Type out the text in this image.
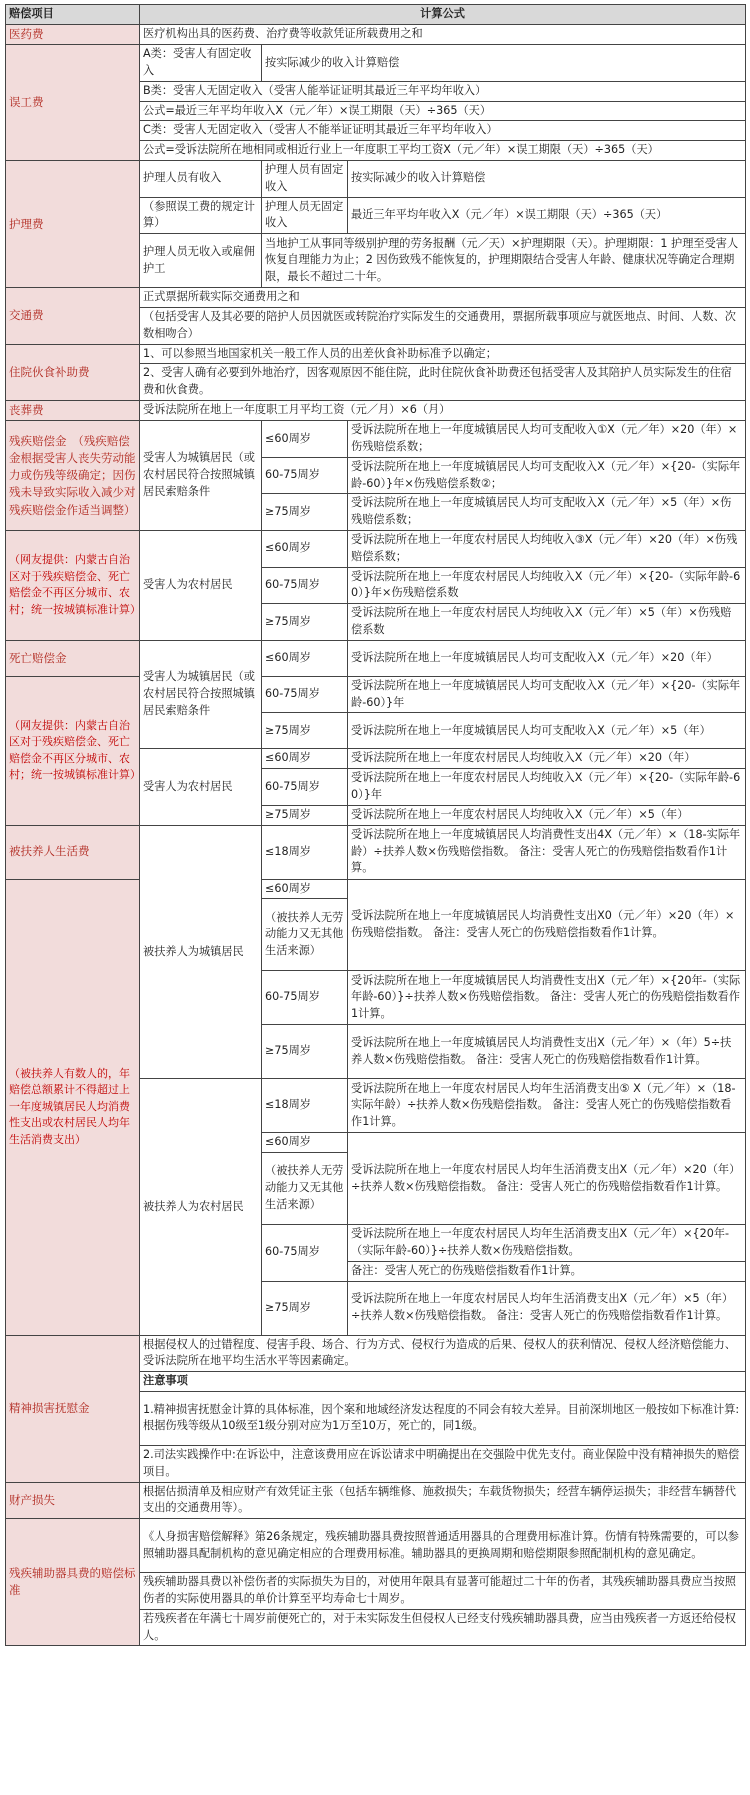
赔偿项目	计算公式		
医药费	医疗机构出具的医药费、治疗费等收款凭证所载费用之和		
误工费	A类：受害人有固定收入	按实际减少的收入计算赔偿	
	B类：受害人无固定收入（受害人能举证证明其最近三年平均年收入）		
	公式=最近三年平均年收入X（元／年）×误工期限（天）÷365（天）		
	C类：受害人无固定收入（受害人不能举证证明其最近三年平均年收入）		
	公式=受诉法院所在地相同或相近行业上一年度职工平均工资X（元／年）×误工期限（天）÷365（天）		
护理费	护理人员有收入	护理人员有固定收入	按实际减少的收入计算赔偿
	（参照误工费的规定计算）	护理人员无固定收入	最近三年平均年收入X（元／年）×误工期限（天）÷365（天）
	护理人员无收入或雇佣护工	当地护工从事同等级别护理的劳务报酬（元／天）×护理期限（天）。护理期限：1 护理至受害人恢复自理能力为止；2 因伤致残不能恢复的，护理期限结合受害人年龄、健康状况等确定合理期限，最长不超过二十年。	
交通费	正式票据所载实际交通费用之和		
	（包括受害人及其必要的陪护人员因就医或转院治疗实际发生的交通费用，票据所载事项应与就医地点、时间、人数、次数相吻合）		
住院伙食补助费	1、可以参照当地国家机关一般工作人员的出差伙食补助标准予以确定；		
	2、受害人确有必要到外地治疗，因客观原因不能住院，此时住院伙食补助费还包括受害人及其陪护人员实际发生的住宿费和伙食费。		
丧葬费	受诉法院所在地上一年度职工月平均工资（元／月）×6（月）		
残疾赔偿金　（残疾赔偿金根据受害人丧失劳动能力或伤残等级确定；因伤残未导致实际收入减少对残疾赔偿金作适当调整）	受害人为城镇居民（或农村居民符合按照城镇居民索赔条件	≤60周岁	受诉法院所在地上一年度城镇居民人均可支配收入①X（元／年）×20（年）×伤残赔偿系数；
		60-75周岁	受诉法院所在地上一年度城镇居民人均可支配收入X（元／年）×{20-（实际年龄-60）}年×伤残赔偿系数②；
		≥75周岁	受诉法院所在地上一年度城镇居民人均可支配收入X（元／年）×5（年）×伤残赔偿系数；
（网友提供：内蒙古自治区对于残疾赔偿金、死亡赔偿金不再区分城市、农村；统一按城镇标准计算）	受害人为农村居民	≤60周岁	受诉法院所在地上一年度农村居民人均纯收入③X（元／年）×20（年）×伤残赔偿系数；
		60-75周岁	受诉法院所在地上一年度农村居民人均纯收入X（元／年）×{20-（实际年龄-60）}年×伤残赔偿系数
		≥75周岁	受诉法院所在地上一年度农村居民人均纯收入X（元／年）×5（年）×伤残赔偿系数
死亡赔偿金	受害人为城镇居民（或农村居民符合按照城镇居民索赔条件	≤60周岁	受诉法院所在地上一年度城镇居民人均可支配收入X（元／年）×20（年）
（网友提供：内蒙古自治区对于残疾赔偿金、死亡赔偿金不再区分城市、农村；统一按城镇标准计算）		60-75周岁	受诉法院所在地上一年度城镇居民人均可支配收入X（元／年）×{20-（实际年龄-60）}年
		≥75周岁	受诉法院所在地上一年度城镇居民人均可支配收入X（元／年）×5（年）
	受害人为农村居民	≤60周岁	受诉法院所在地上一年度农村居民人均纯收入X（元／年）×20（年）
		60-75周岁	受诉法院所在地上一年度农村居民人均纯收入X（元／年）×{20-（实际年龄-60）}年
		≥75周岁	受诉法院所在地上一年度农村居民人均纯收入X（元／年）×5（年）
被扶养人生活费	被扶养人为城镇居民	≤18周岁	受诉法院所在地上一年度城镇居民人均消费性支出4X（元／年）×（18-实际年龄）÷扶养人数×伤残赔偿指数。 备注：受害人死亡的伤残赔偿指数看作1计算。
（被扶养人有数人的，年赔偿总额累计不得超过上一年度城镇居民人均消费性支出或农村居民人均年生活消费支出）		≤60周岁	受诉法院所在地上一年度城镇居民人均消费性支出X0（元／年）×20（年）×伤残赔偿指数。 备注：受害人死亡的伤残赔偿指数看作1计算。
		（被扶养人无劳动能力又无其他生活来源）	
		60-75周岁	受诉法院所在地上一年度城镇居民人均消费性支出X（元／年）×{20年-（实际年龄-60）}÷扶养人数×伤残赔偿指数。 备注：受害人死亡的伤残赔偿指数看作1计算。
		≥75周岁	受诉法院所在地上一年度城镇居民人均消费性支出X（元／年）×（年）5÷扶养人数×伤残赔偿指数。 备注：受害人死亡的伤残赔偿指数看作1计算。

	被扶养人为农村居民	≤18周岁	受诉法院所在地上一年度农村居民人均年生活消费支出⑤ X（元／年）×（18-实际年龄）÷扶养人数×伤残赔偿指数。 备注：受害人死亡的伤残赔偿指数看作1计算。
		≤60周岁	受诉法院所在地上一年度农村居民人均年生活消费支出X（元／年）×20（年）÷扶养人数×伤残赔偿指数。 备注：受害人死亡的伤残赔偿指数看作1计算。
		（被扶养人无劳动能力又无其他生活来源）	
		60-75周岁	受诉法院所在地上一年度农村居民人均年生活消费支出X（元／年）×{20年-（实际年龄-60）}÷扶养人数×伤残赔偿指数。
			备注：受害人死亡的伤残赔偿指数看作1计算。
		≥75周岁	受诉法院所在地上一年度农村居民人均年生活消费支出X（元／年）×5（年）÷扶养人数×伤残赔偿指数。 备注：受害人死亡的伤残赔偿指数看作1计算。

精神损害抚慰金	根据侵权人的过错程度、侵害手段、场合、行为方式、侵权行为造成的后果、侵权人的获利情况、侵权人经济赔偿能力、受诉法院所在地平均生活水平等因素确定。		
	注意事项		
	1.精神损害抚慰金计算的具体标准，因个案和地域经济发达程度的不同会有较大差异。目前深圳地区一般按如下标准计算:根据伤残等级从10级至1级分别对应为1万至10万，死亡的，同1级。		
	2.司法实践操作中:在诉讼中，注意该费用应在诉讼请求中明确提出在交强险中优先支付。商业保险中没有精神损失的赔偿项目。		
财产损失	根据估损清单及相应财产有效凭证主张（包括车辆维修、施救损失；车载货物损失；经营车辆停运损失；非经营车辆替代支出的交通费用等）。		
残疾辅助器具费的赔偿标准	《人身损害赔偿解释》第26条规定，残疾辅助器具费按照普通适用器具的合理费用标准计算。伤情有特殊需要的，可以参照辅助器具配制机构的意见确定相应的合理费用标准。辅助器具的更换周期和赔偿期限参照配制机构的意见确定。		
	残疾辅助器具费以补偿伤者的实际损失为目的，对使用年限具有显著可能超过二十年的伤者，其残疾辅助器具费应当按照伤者的实际使用器具的单价计算至平均寿命七十周岁。		
	若残疾者在年满七十周岁前便死亡的，对于未实际发生但侵权人已经支付残疾辅助器具费，应当由残疾者一方返还给侵权人。		
